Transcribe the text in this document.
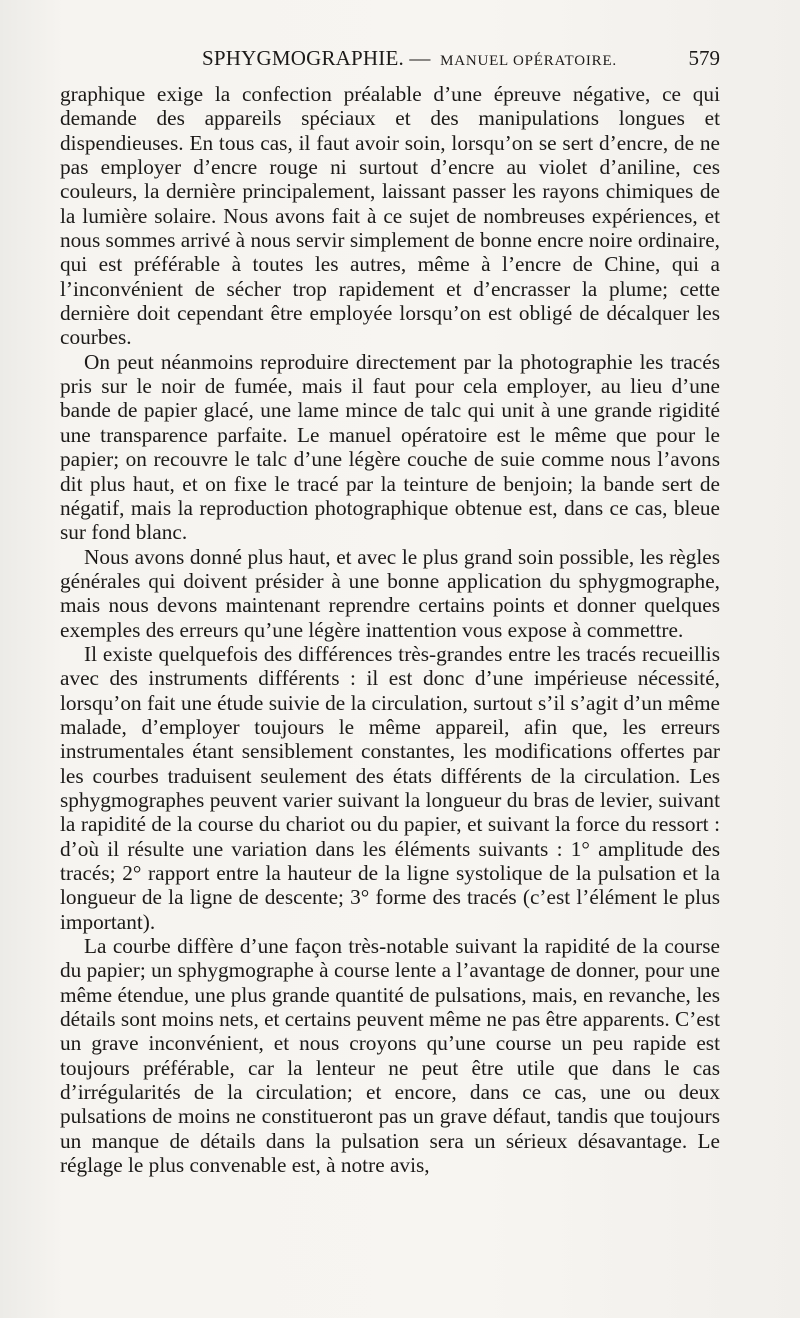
SPHYGMOGRAPHIE. — MANUEL OPÉRATOIRE.	579

graphique exige la confection préalable d’une épreuve négative, ce qui demande des appareils spéciaux et des manipulations longues et dispendieuses. En tous cas, il faut avoir soin, lorsqu’on se sert d’encre, de ne pas employer d’encre rouge ni surtout d’encre au violet d’aniline, ces couleurs, la dernière principalement, laissant passer les rayons chimiques de la lumière solaire. Nous avons fait à ce sujet de nombreuses expériences, et nous sommes arrivé à nous servir simplement de bonne encre noire ordinaire, qui est préférable à toutes les autres, même à l’encre de Chine, qui a l’inconvénient de sécher trop rapidement et d’encrasser la plume; cette dernière doit cependant être employée lorsqu’on est obligé de décalquer les courbes.

On peut néanmoins reproduire directement par la photographie les tracés pris sur le noir de fumée, mais il faut pour cela employer, au lieu d’une bande de papier glacé, une lame mince de talc qui unit à une grande rigidité une transparence parfaite. Le manuel opératoire est le même que pour le papier; on recouvre le talc d’une légère couche de suie comme nous l’avons dit plus haut, et on fixe le tracé par la teinture de benjoin; la bande sert de négatif, mais la reproduction photographique obtenue est, dans ce cas, bleue sur fond blanc.

Nous avons donné plus haut, et avec le plus grand soin possible, les règles générales qui doivent présider à une bonne application du sphygmographe, mais nous devons maintenant reprendre certains points et donner quelques exemples des erreurs qu’une légère inattention vous expose à commettre.

Il existe quelquefois des différences très-grandes entre les tracés recueillis avec des instruments différents : il est donc d’une impérieuse nécessité, lorsqu’on fait une étude suivie de la circulation, surtout s’il s’agit d’un même malade, d’employer toujours le même appareil, afin que, les erreurs instrumentales étant sensiblement constantes, les modifications offertes par les courbes traduisent seulement des états différents de la circulation. Les sphygmographes peuvent varier suivant la longueur du bras de levier, suivant la rapidité de la course du chariot ou du papier, et suivant la force du ressort : d’où il résulte une variation dans les éléments suivants : 1° amplitude des tracés; 2° rapport entre la hauteur de la ligne systolique de la pulsation et la longueur de la ligne de descente; 3° forme des tracés (c’est l’élément le plus important).

La courbe diffère d’une façon très-notable suivant la rapidité de la course du papier; un sphygmographe à course lente a l’avantage de donner, pour une même étendue, une plus grande quantité de pulsations, mais, en revanche, les détails sont moins nets, et certains peuvent même ne pas être apparents. C’est un grave inconvénient, et nous croyons qu’une course un peu rapide est toujours préférable, car la lenteur ne peut être utile que dans le cas d’irrégularités de la circulation; et encore, dans ce cas, une ou deux pulsations de moins ne constitueront pas un grave défaut, tandis que toujours un manque de détails dans la pulsation sera un sérieux désavantage. Le réglage le plus convenable est, à notre avis,
